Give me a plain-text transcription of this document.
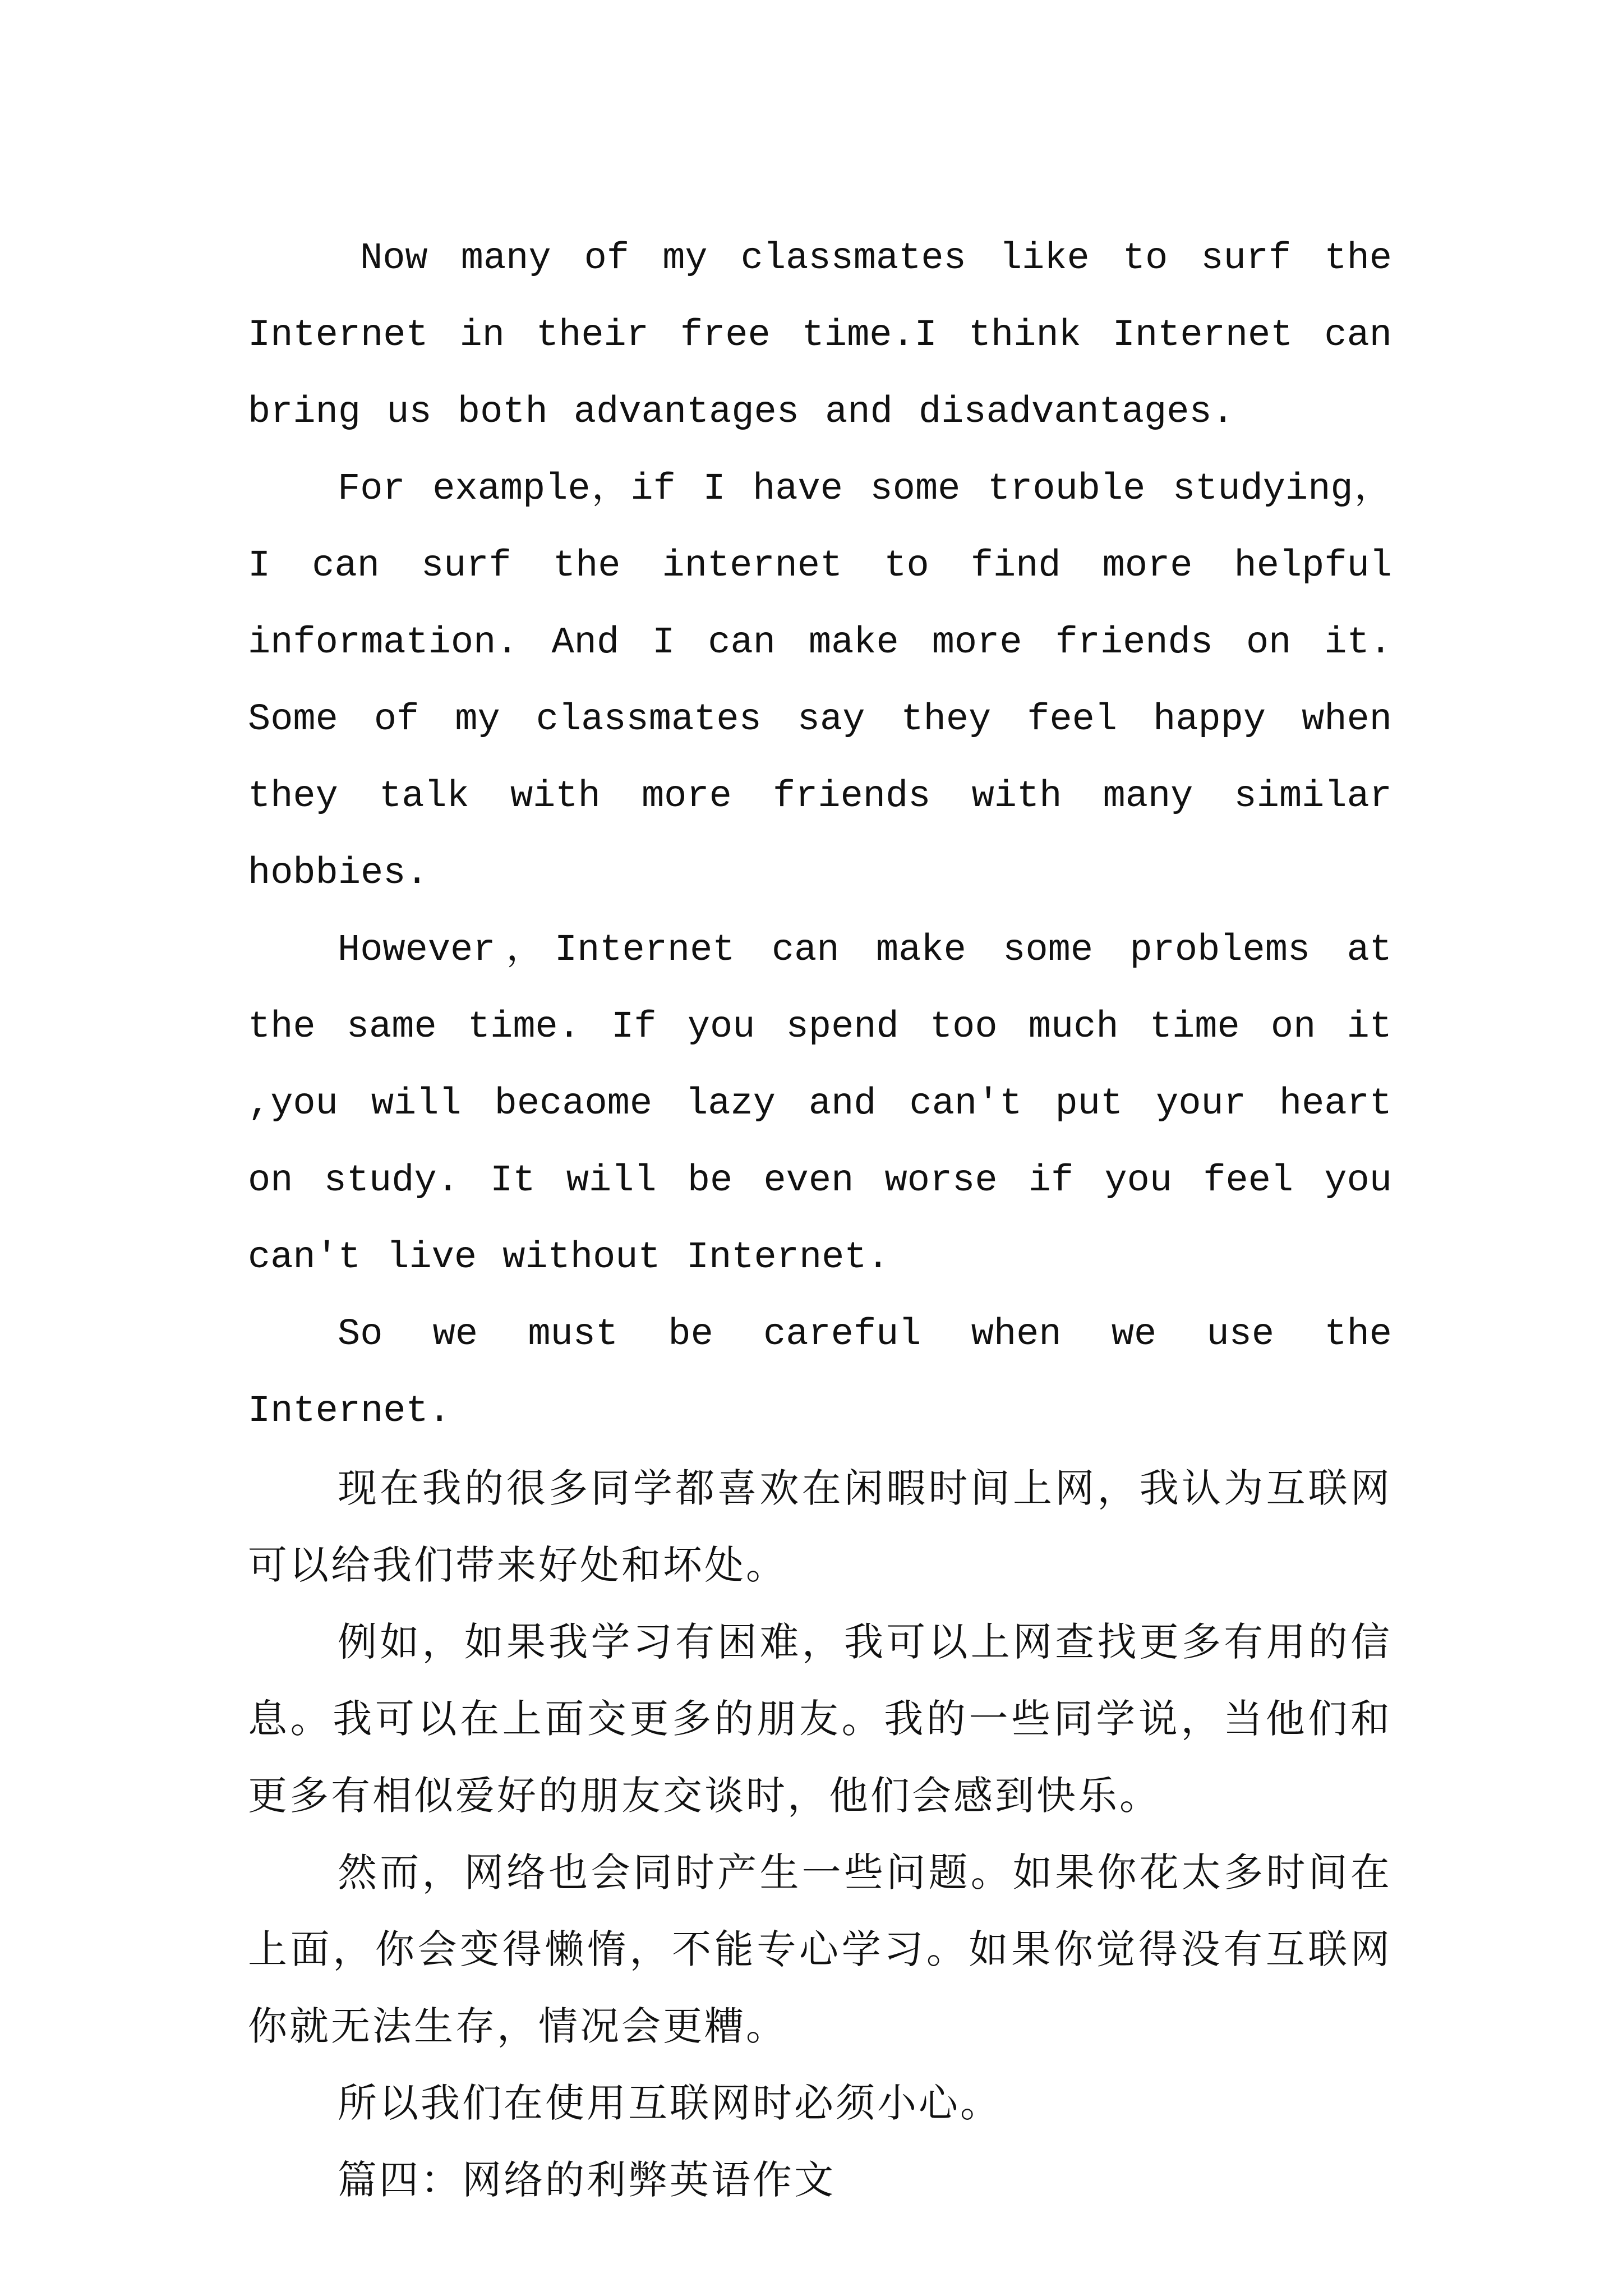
Now many of my classmates like to surf the Internet in their free time.I think Internet can bring us both advantages and disadvantages.

For example，if I have some trouble studying， I can surf the internet to find more helpful information. And I can make more friends on it. Some of my classmates say they feel happy when they talk with more friends with many similar hobbies.

However，Internet can make some problems at the same time. If you spend too much time on it ,you will becaome lazy and can't put your heart on study. It will be even worse if you feel you can't live without Internet.

So we must be careful when we use the Internet.

现在我的很多同学都喜欢在闲暇时间上网，我认为互联网可以给我们带来好处和坏处。

例如，如果我学习有困难，我可以上网查找更多有用的信息。我可以在上面交更多的朋友。我的一些同学说，当他们和更多有相似爱好的朋友交谈时，他们会感到快乐。

然而，网络也会同时产生一些问题。如果你花太多时间在上面，你会变得懒惰，不能专心学习。如果你觉得没有互联网你就无法生存，情况会更糟。

所以我们在使用互联网时必须小心。

篇四：网络的利弊英语作文
